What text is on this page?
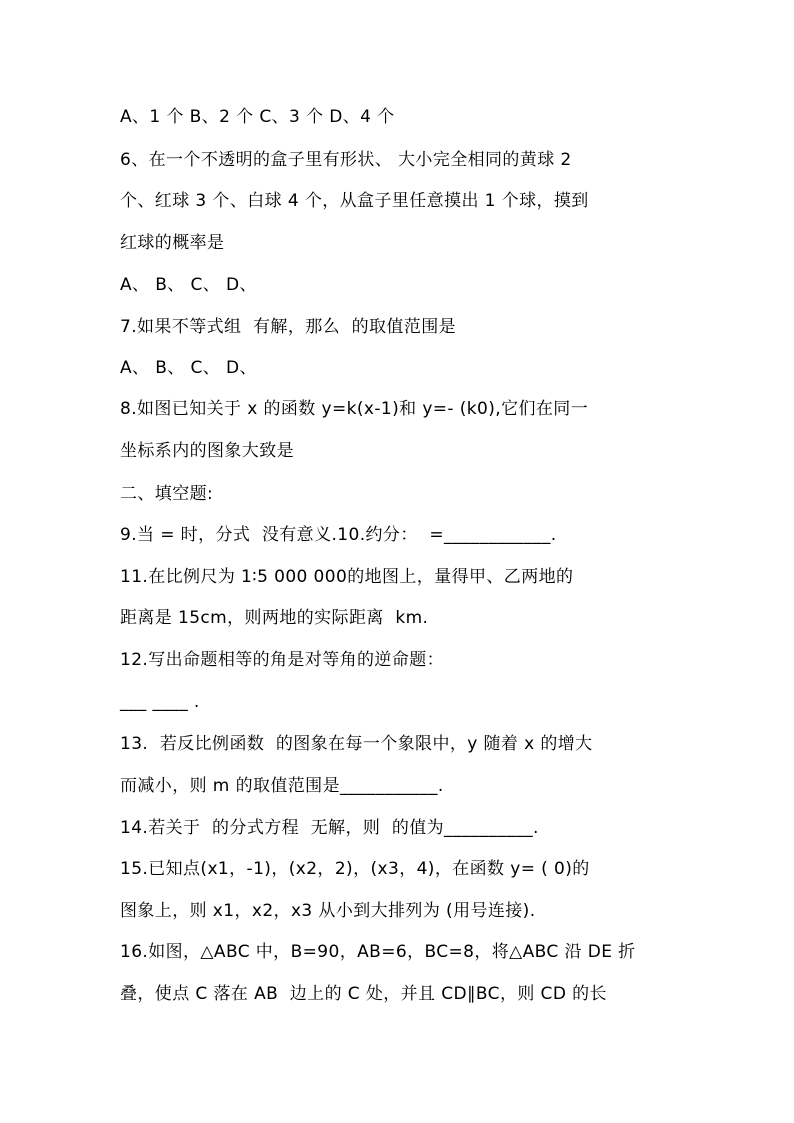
A、1 个 B、2 个 C、3 个 D、4 个
6、在一个不透明的盒子里有形状、 大小完全相同的黄球 2
个、红球 3 个、白球 4 个，从盒子里任意摸出 1 个球，摸到
红球的概率是
A、 B、 C、 D、
7.如果不等式组  有解，那么  的取值范围是
A、 B、 C、 D、
8.如图已知关于 x 的函数 y=k(x-1)和 y=- (k0),它们在同一
坐标系内的图象大致是
二、填空题:
9.当 = 时，分式  没有意义.10.约分：  =____________.
11.在比例尺为 1∶5 000 000的地图上，量得甲、乙两地的
距离是 15cm，则两地的实际距离  km.
12.写出命题相等的角是对等角的逆命题：
___ ____ .
13.  若反比例函数  的图象在每一个象限中，y 随着 x 的增大
而减小，则 m 的取值范围是___________.
14.若关于  的分式方程  无解，则  的值为__________.
15.已知点(x1，-1)，(x2，2)，(x3，4)，在函数 y= ( 0)的
图象上，则 x1，x2，x3 从小到大排列为 (用号连接).
16.如图，△ABC 中，B=90，AB=6，BC=8，将△ABC 沿 DE 折
叠，使点 C 落在 AB  边上的 C 处，并且 CD∥BC，则 CD 的长
